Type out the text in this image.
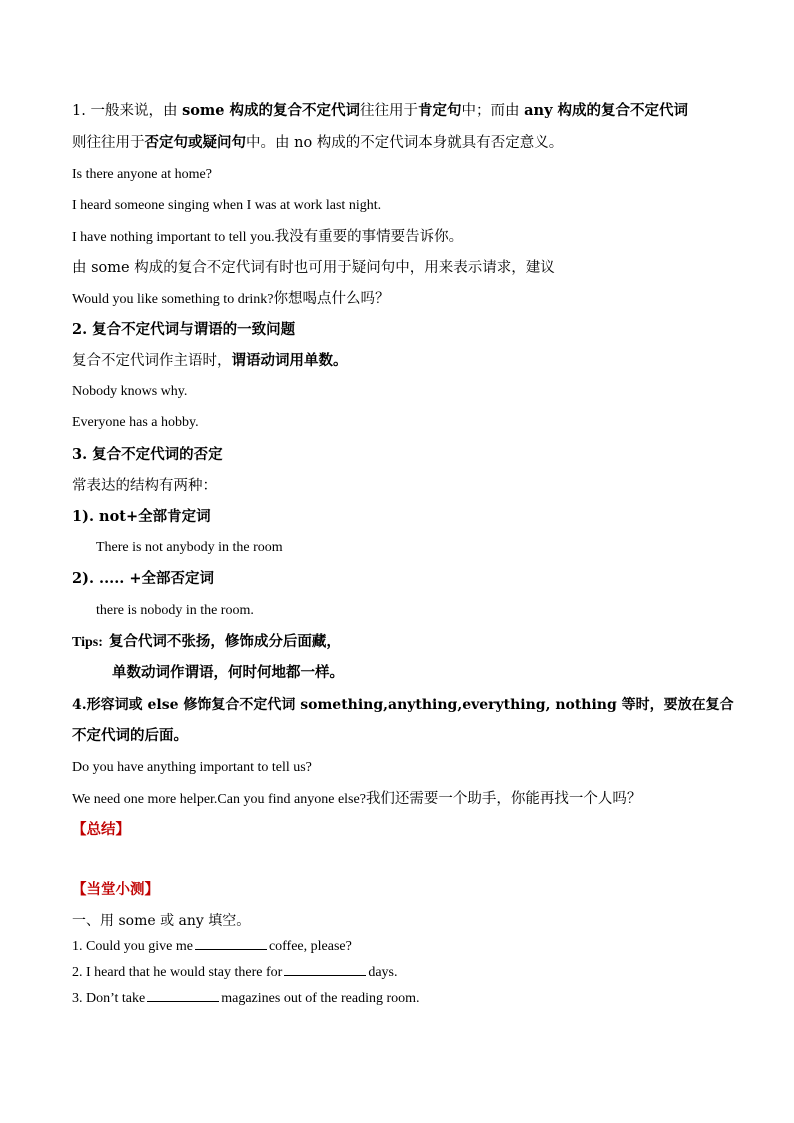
1. 一般来说，由 some 构成的复合不定代词往往用于肯定句中；而由 any 构成的复合不定代词
则往往用于否定句或疑问句中。由 no 构成的不定代词本身就具有否定意义。
Is there anyone at home?
I heard someone singing when I was at work last night.
I have nothing important to tell you.我没有重要的事情要告诉你。
由 some 构成的复合不定代词有时也可用于疑问句中，用来表示请求，建议
Would you like something to drink?你想喝点什么吗？
2. 复合不定代词与谓语的一致问题
复合不定代词作主语时，谓语动词用单数。
Nobody knows why.
Everyone has a hobby.
3. 复合不定代词的否定
常表达的结构有两种：
1). not+全部肯定词
There is not anybody in the room
2). ..... +全部否定词
there is nobody in the room.
Tips: 复合代词不张扬，修饰成分后面藏，
单数动词作谓语，何时何地都一样。
4.形容词或 else 修饰复合不定代词 something,anything,everything, nothing 等时，要放在复合
不定代词的后面。
Do you have anything important to tell us?
We need one more helper.Can you find anyone else?我们还需要一个助手，你能再找一个人吗？
【总结】
【当堂小测】
一、用 some 或 any 填空。
1. Could you give me	coffee, please?
2. I heard that he would stay there for	days.
3. Don’t take	magazines out of the reading room.
